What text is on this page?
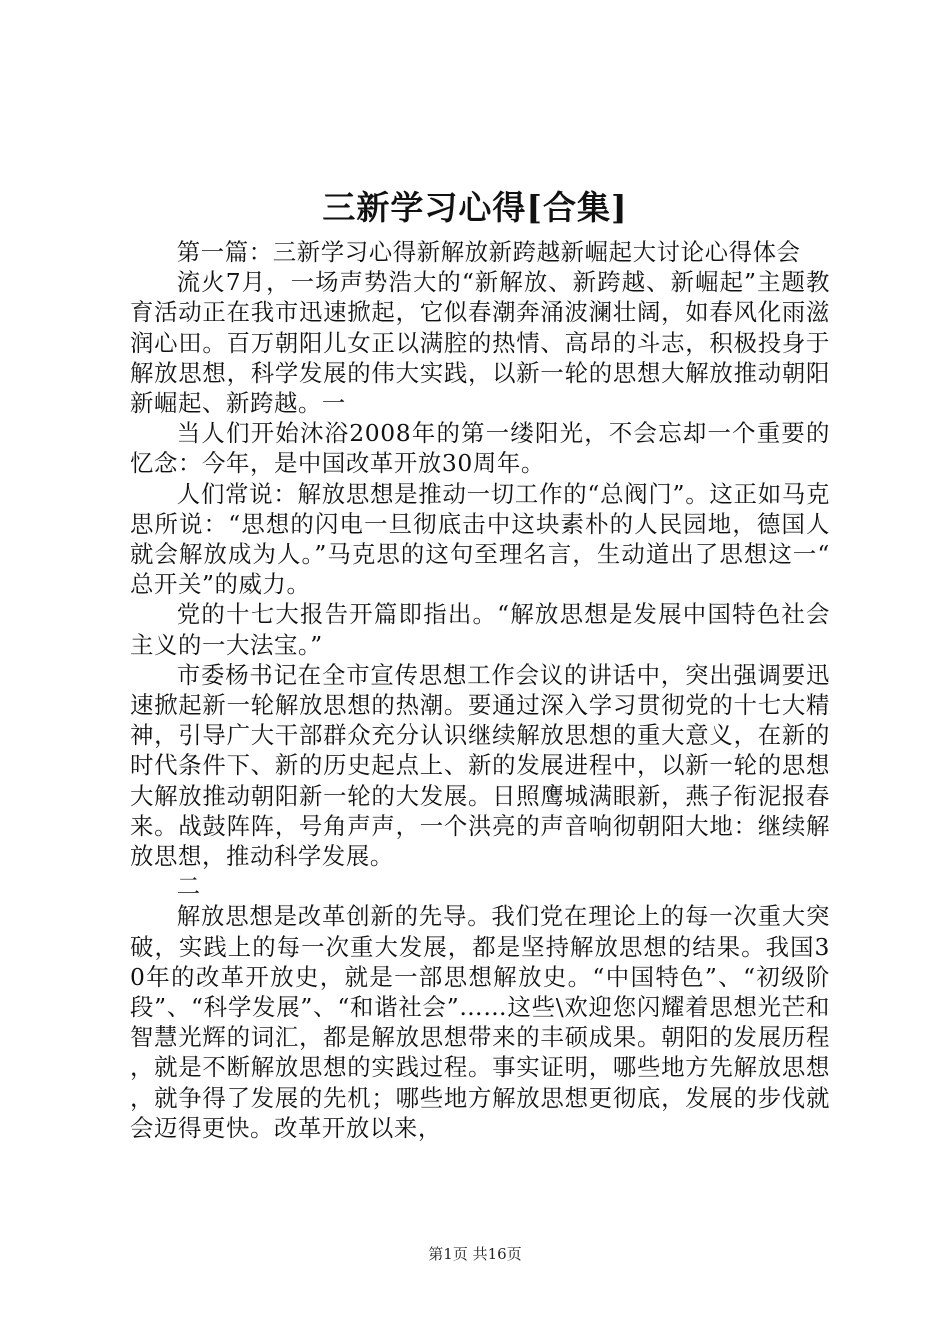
三新学习心得[合集]

第一篇：三新学习心得新解放新跨越新崛起大讨论心得体会

流火7月，一场声势浩大的“新解放、新跨越、新崛起”主题教育活动正在我市迅速掀起，它似春潮奔涌波澜壮阔，如春风化雨滋润心田。百万朝阳儿女正以满腔的热情、高昂的斗志，积极投身于解放思想，科学发展的伟大实践，以新一轮的思想大解放推动朝阳新崛起、新跨越。一

当人们开始沐浴2008年的第一缕阳光，不会忘却一个重要的忆念：今年，是中国改革开放30周年。

人们常说：解放思想是推动一切工作的“总阀门”。这正如马克思所说：“思想的闪电一旦彻底击中这块素朴的人民园地，德国人就会解放成为人。”马克思的这句至理名言，生动道出了思想这一“总开关”的威力。

党的十七大报告开篇即指出。“解放思想是发展中国特色社会主义的一大法宝。”

市委杨书记在全市宣传思想工作会议的讲话中，突出强调要迅速掀起新一轮解放思想的热潮。要通过深入学习贯彻党的十七大精神，引导广大干部群众充分认识继续解放思想的重大意义，在新的时代条件下、新的历史起点上、新的发展进程中，以新一轮的思想大解放推动朝阳新一轮的大发展。日照鹰城满眼新，燕子衔泥报春来。战鼓阵阵，号角声声，一个洪亮的声音响彻朝阳大地：继续解放思想，推动科学发展。

二

解放思想是改革创新的先导。我们党在理论上的每一次重大突破，实践上的每一次重大发展，都是坚持解放思想的结果。我国30年的改革开放史，就是一部思想解放史。“中国特色”、“初级阶段”、“科学发展”、“和谐社会”……这些\欢迎您闪耀着思想光芒和智慧光辉的词汇，都是解放思想带来的丰硕成果。朝阳的发展历程，就是不断解放思想的实践过程。事实证明，哪些地方先解放思想，就争得了发展的先机；哪些地方解放思想更彻底，发展的步伐就会迈得更快。改革开放以来，

第1页 共16页
